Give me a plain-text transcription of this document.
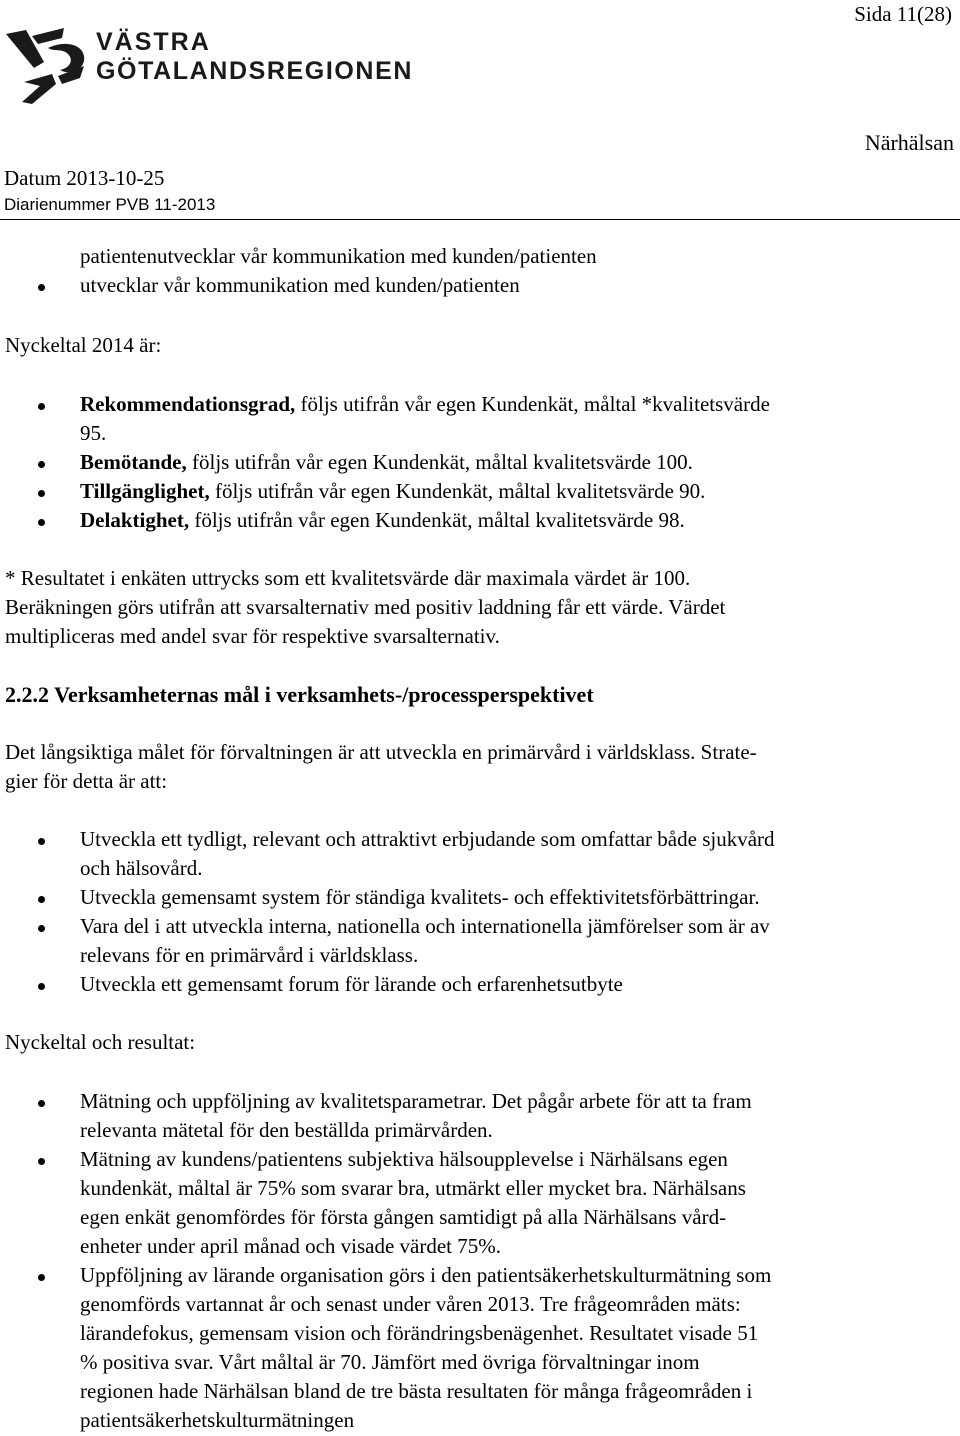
Sida 11(28)
VÄSTRA
GÖTALANDSREGIONEN
Närhälsan
Datum 2013-10-25
Diarienummer PVB 11-2013
patientenutvecklar vår kommunikation med kunden/patienten
utvecklar vår kommunikation med kunden/patienten
Nyckeltal 2014 är:
Rekommendationsgrad, följs utifrån vår egen Kundenkät, måltal *kvalitetsvärde
95.
Bemötande, följs utifrån vår egen Kundenkät, måltal kvalitetsvärde 100.
Tillgänglighet, följs utifrån vår egen Kundenkät, måltal kvalitetsvärde 90.
Delaktighet, följs utifrån vår egen Kundenkät, måltal kvalitetsvärde 98.
* Resultatet i enkäten uttrycks som ett kvalitetsvärde där maximala värdet är 100.
Beräkningen görs utifrån att svarsalternativ med positiv laddning får ett värde. Värdet
multipliceras med andel svar för respektive svarsalternativ.
2.2.2 Verksamheternas mål i verksamhets-/processperspektivet
Det långsiktiga målet för förvaltningen är att utveckla en primärvård i världsklass. Strate-
gier för detta är att:
Utveckla ett tydligt, relevant och attraktivt erbjudande som omfattar både sjukvård
och hälsovård.
Utveckla gemensamt system för ständiga kvalitets- och effektivitetsförbättringar.
Vara del i att utveckla interna, nationella och internationella jämförelser som är av
relevans för en primärvård i världsklass.
Utveckla ett gemensamt forum för lärande och erfarenhetsutbyte
Nyckeltal och resultat:
Mätning och uppföljning av kvalitetsparametrar. Det pågår arbete för att ta fram
relevanta mätetal för den beställda primärvården.
Mätning av kundens/patientens subjektiva hälsoupplevelse i Närhälsans egen
kundenkät, måltal är 75% som svarar bra, utmärkt eller mycket bra. Närhälsans
egen enkät genomfördes för första gången samtidigt på alla Närhälsans vård-
enheter under april månad och visade värdet 75%.
Uppföljning av lärande organisation görs i den patientsäkerhetskulturmätning som
genomförds vartannat år och senast under våren 2013. Tre frågeområden mäts:
lärandefokus, gemensam vision och förändringsbenägenhet. Resultatet visade 51
% positiva svar. Vårt måltal är 70. Jämfört med övriga förvaltningar inom
regionen hade Närhälsan bland de tre bästa resultaten för många frågeområden i
patientsäkerhetskulturmätningen
